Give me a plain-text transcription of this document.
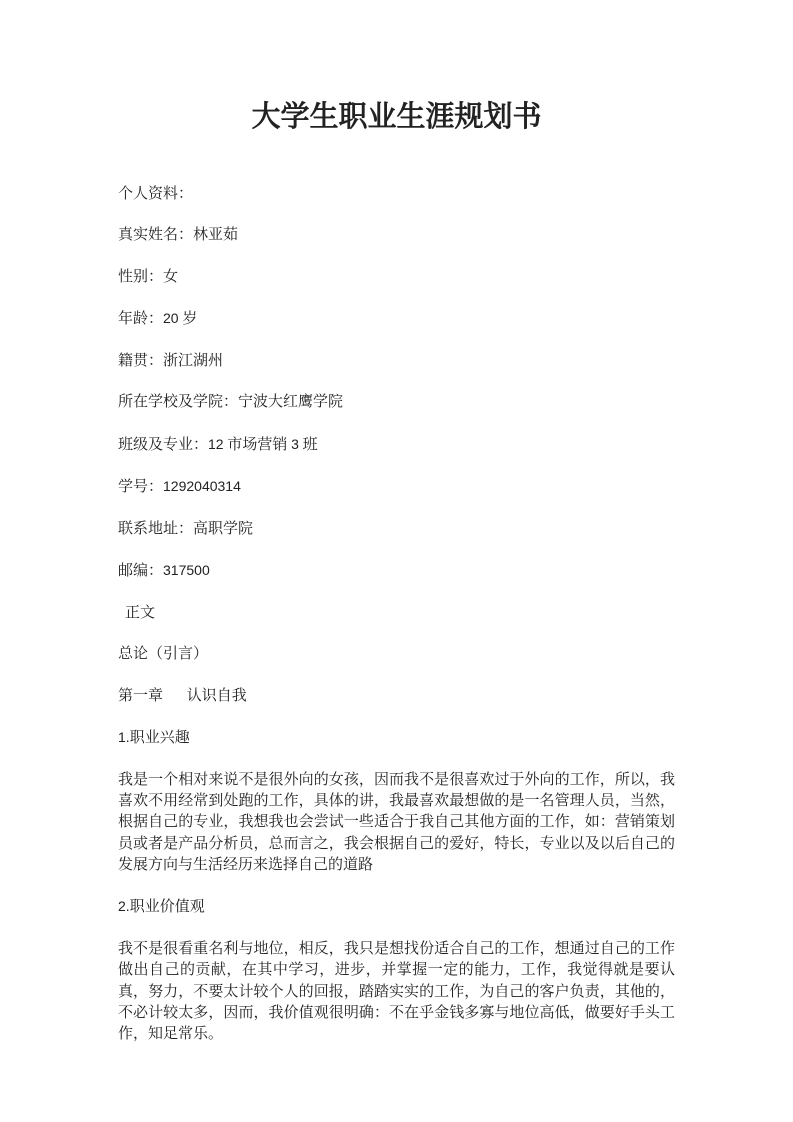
大学生职业生涯规划书

个人资料：

真实姓名：林亚茹

性别：女

年龄：20 岁

籍贯：浙江湖州

所在学校及学院：宁波大红鹰学院

班级及专业：12 市场营销 3 班

学号：1292040314

联系地址：高职学院

邮编：317500

正文

总论（引言）

第一章 认识自我

1.职业兴趣

我是一个相对来说不是很外向的女孩，因而我不是很喜欢过于外向的工作，所以，我喜欢不用经常到处跑的工作，具体的讲，我最喜欢最想做的是一名管理人员，当然，根据自己的专业，我想我也会尝试一些适合于我自己其他方面的工作，如：营销策划员或者是产品分析员，总而言之，我会根据自己的爱好，特长，专业以及以后自己的发展方向与生活经历来选择自己的道路

2.职业价值观

我不是很看重名利与地位，相反，我只是想找份适合自己的工作，想通过自己的工作做出自己的贡献，在其中学习，进步，并掌握一定的能力，工作，我觉得就是要认真，努力，不要太计较个人的回报，踏踏实实的工作，为自己的客户负责，其他的，不必计较太多，因而，我价值观很明确：不在乎金钱多寡与地位高低，做要好手头工作，知足常乐。
